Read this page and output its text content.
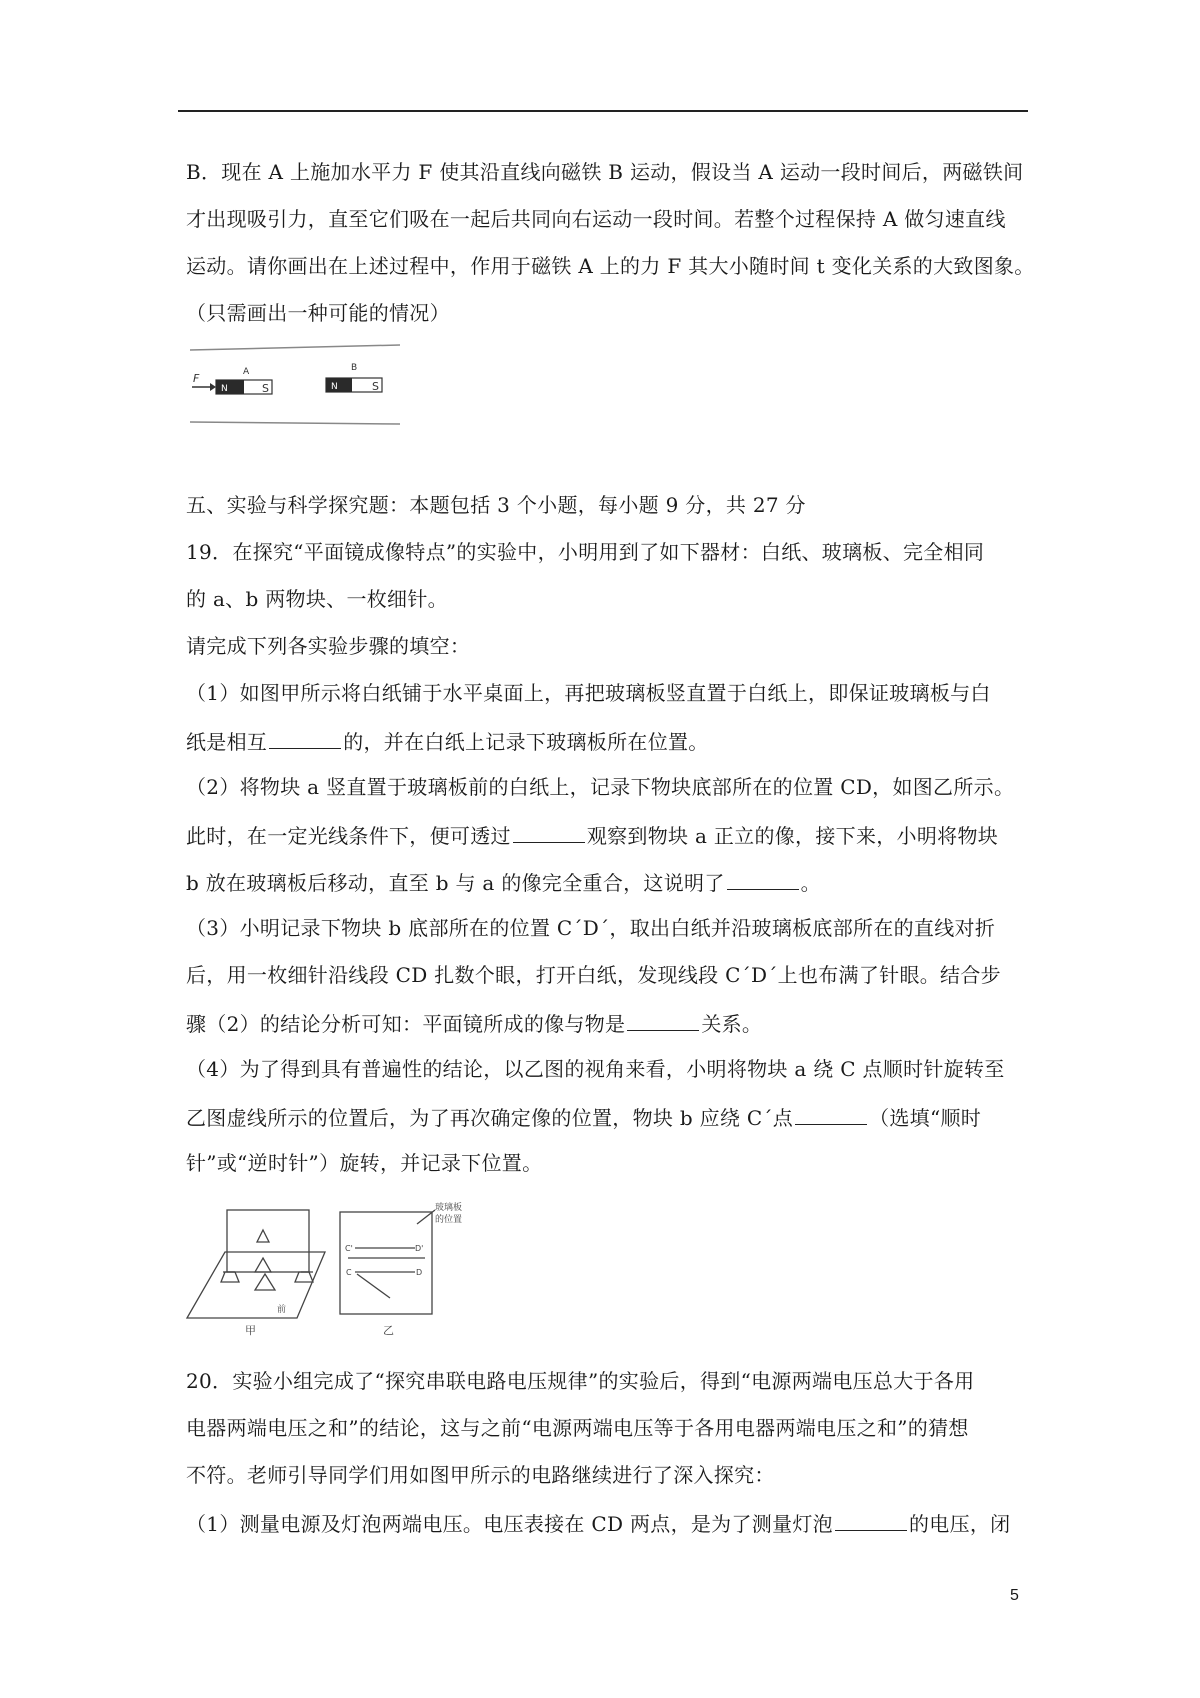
B．现在 A 上施加水平力 F 使其沿直线向磁铁 B 运动，假设当 A 运动一段时间后，两磁铁间
才出现吸引力，直至它们吸在一起后共同向右运动一段时间。若整个过程保持 A 做匀速直线
运动。请你画出在上述过程中，作用于磁铁 A 上的力 F 其大小随时间 t 变化关系的大致图象。
（只需画出一种可能的情况）
F
N	S
A
N	S
B
五、实验与科学探究题：本题包括 3 个小题，每小题 9 分，共 27 分
19．在探究“平面镜成像特点”的实验中，小明用到了如下器材：白纸、玻璃板、完全相同
的 a、b 两物块、一枚细针。
请完成下列各实验步骤的填空：
（1）如图甲所示将白纸铺于水平桌面上，再把玻璃板竖直置于白纸上，即保证玻璃板与白
纸是相互	的，并在白纸上记录下玻璃板所在位置。
（2）将物块 a 竖直置于玻璃板前的白纸上，记录下物块底部所在的位置 CD，如图乙所示。
此时，在一定光线条件下，便可透过	观察到物块 a 正立的像，接下来，小明将物块
b 放在玻璃板后移动，直至 b 与 a 的像完全重合，这说明了	。
（3）小明记录下物块 b 底部所在的位置 C´D´，取出白纸并沿玻璃板底部所在的直线对折
后，用一枚细针沿线段 CD 扎数个眼，打开白纸，发现线段 C´D´上也布满了针眼。结合步
骤（2）的结论分析可知：平面镜所成的像与物是	关系。
（4）为了得到具有普遍性的结论，以乙图的视角来看，小明将物块 a 绕 C 点顺时针旋转至
乙图虚线所示的位置后，为了再次确定像的位置，物块 b 应绕 C´点	（选填“顺时
针”或“逆时针”）旋转，并记录下位置。
前
甲
C'	D'
C	D
玻璃板
的位置
乙
20．实验小组完成了“探究串联电路电压规律”的实验后，得到“电源两端电压总大于各用
电器两端电压之和”的结论，这与之前“电源两端电压等于各用电器两端电压之和”的猜想
不符。老师引导同学们用如图甲所示的电路继续进行了深入探究：
（1）测量电源及灯泡两端电压。电压表接在 CD 两点，是为了测量灯泡	的电压，闭
5
